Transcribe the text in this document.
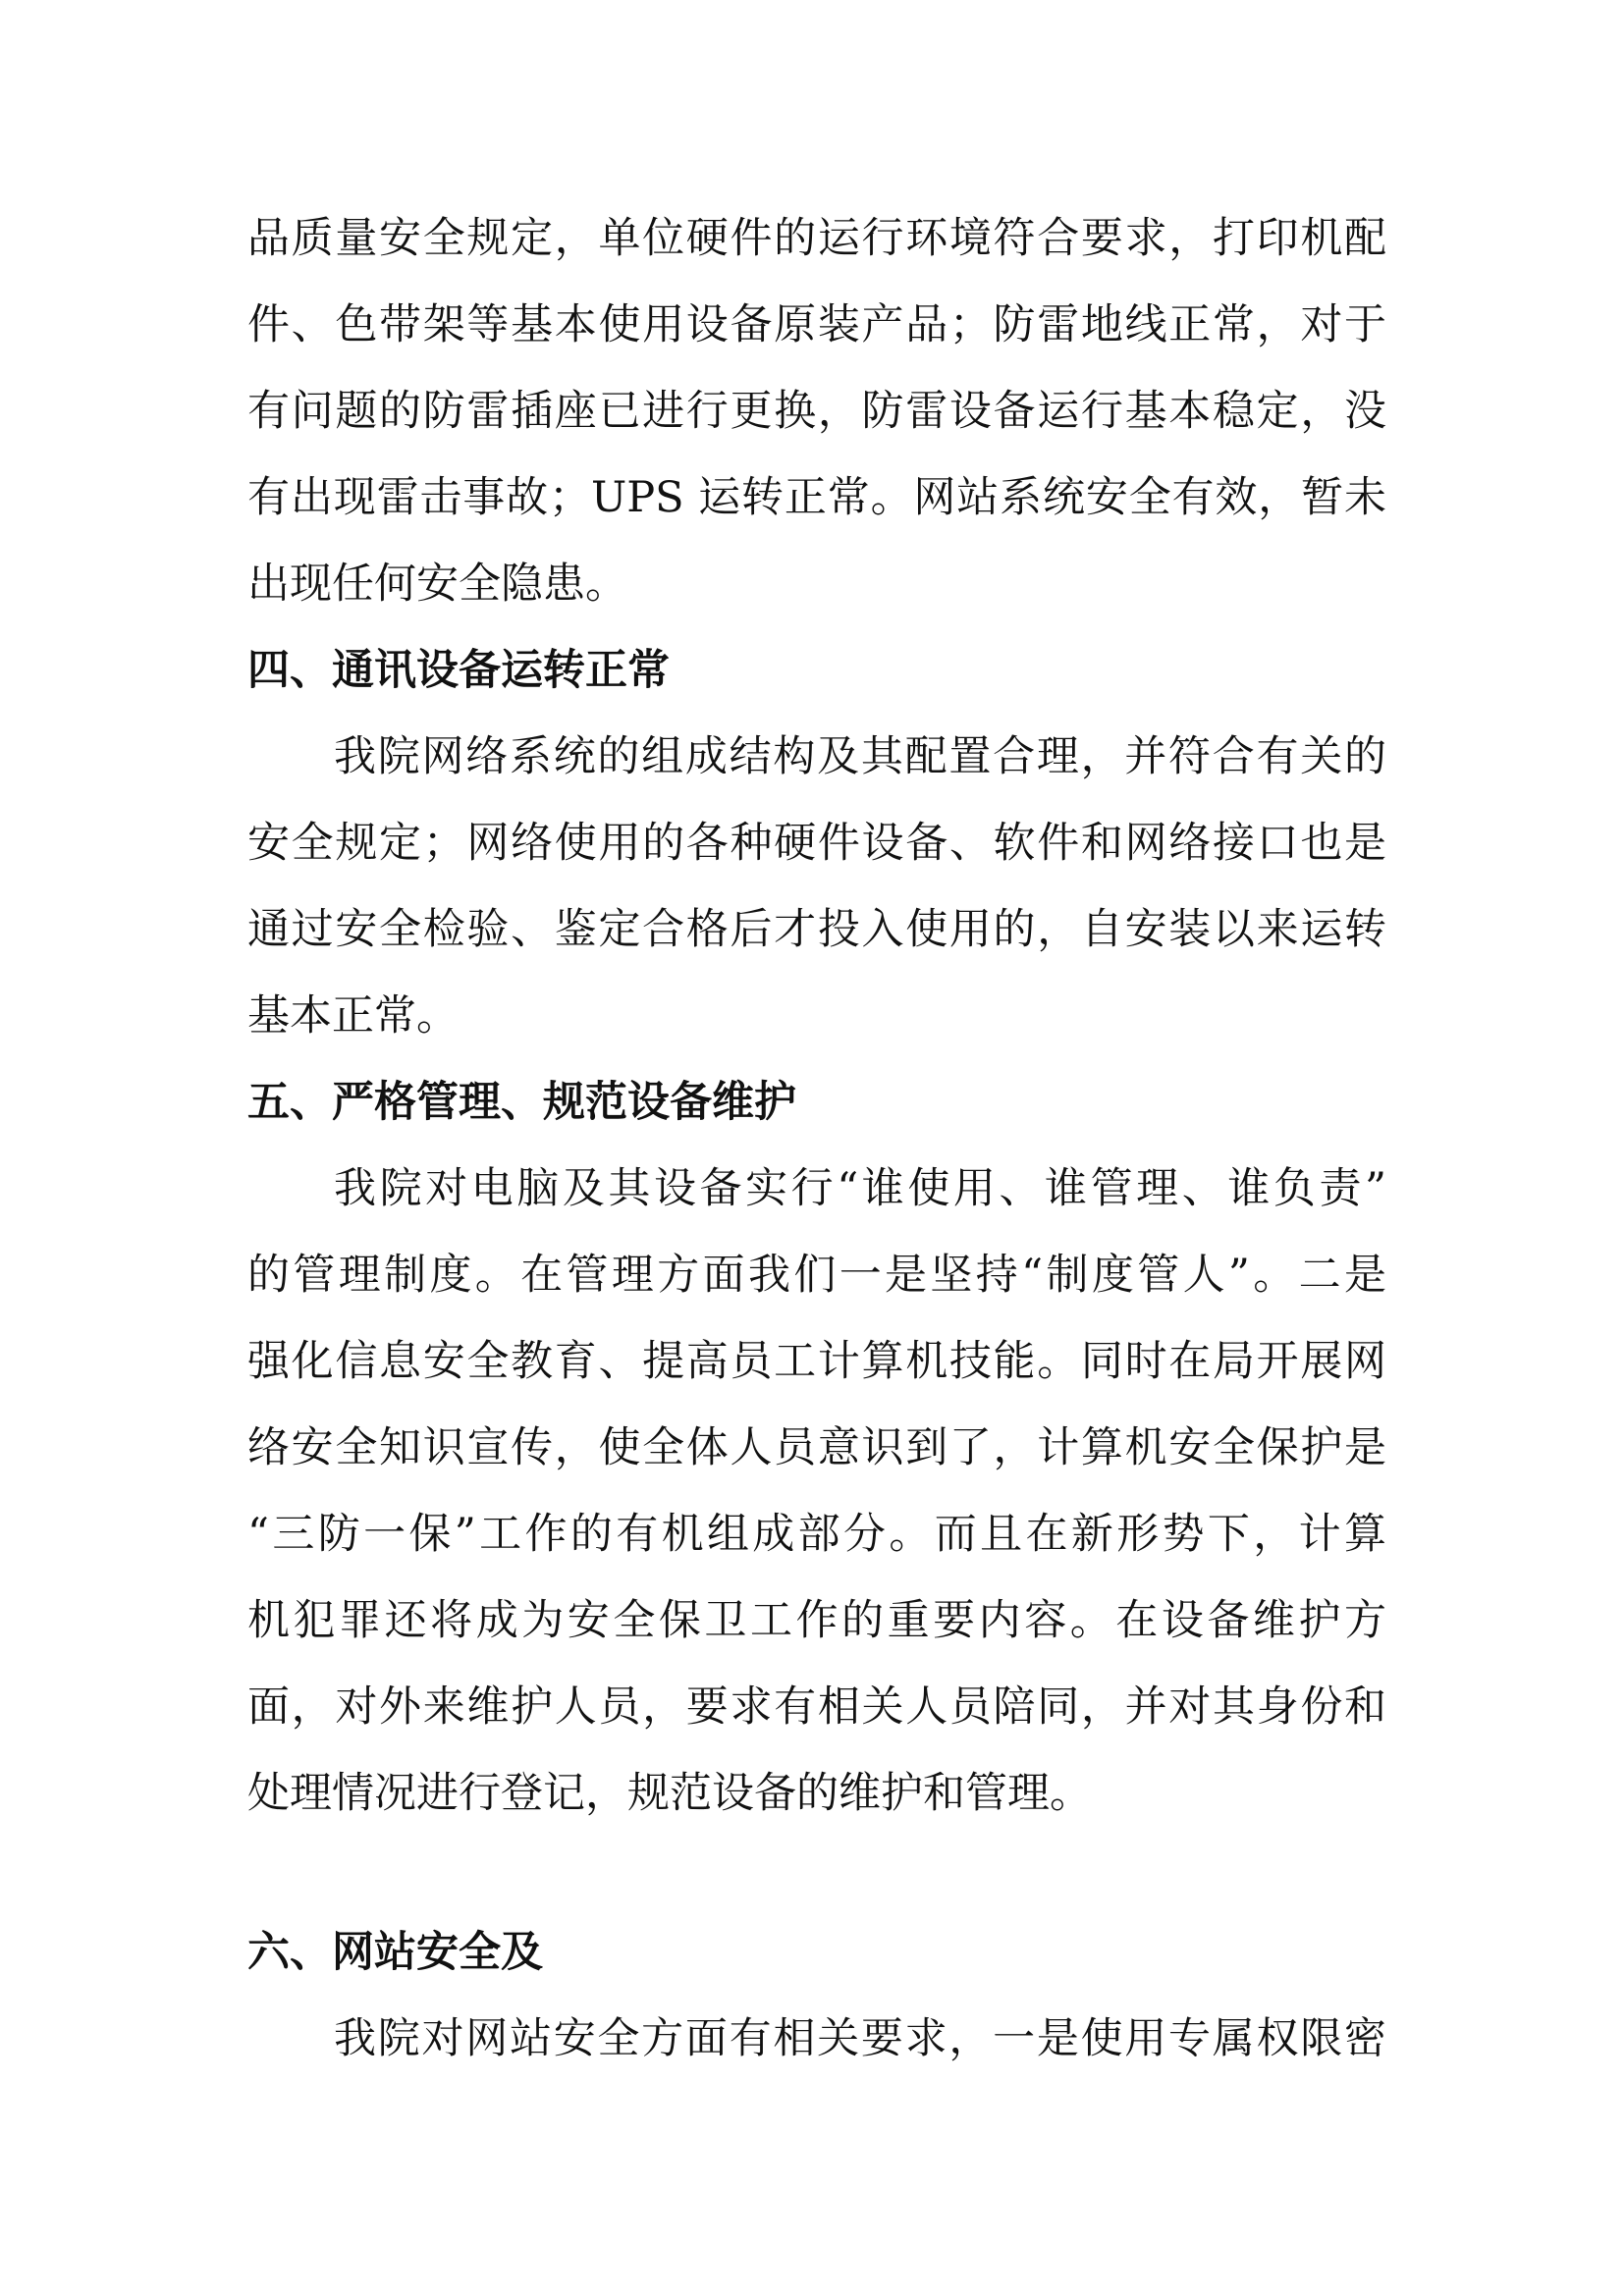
品质量安全规定，单位硬件的运行环境符合要求，打印机配
件、色带架等基本使用设备原装产品；防雷地线正常，对于
有问题的防雷插座已进行更换，防雷设备运行基本稳定，没
有出现雷击事故；UPS 运转正常。网站系统安全有效，暂未
出现任何安全隐患。
四、通讯设备运转正常
我院网络系统的组成结构及其配置合理，并符合有关的
安全规定；网络使用的各种硬件设备、软件和网络接口也是
通过安全检验、鉴定合格后才投入使用的，自安装以来运转
基本正常。
五、严格管理、规范设备维护
我院对电脑及其设备实行“谁使用、谁管理、谁负责”
的管理制度。在管理方面我们一是坚持“制度管人”。二是
强化信息安全教育、提高员工计算机技能。同时在局开展网
络安全知识宣传，使全体人员意识到了，计算机安全保护是
“三防一保”工作的有机组成部分。而且在新形势下，计算
机犯罪还将成为安全保卫工作的重要内容。在设备维护方
面，对外来维护人员，要求有相关人员陪同，并对其身份和
处理情况进行登记，规范设备的维护和管理。
六、网站安全及
我院对网站安全方面有相关要求，一是使用专属权限密
